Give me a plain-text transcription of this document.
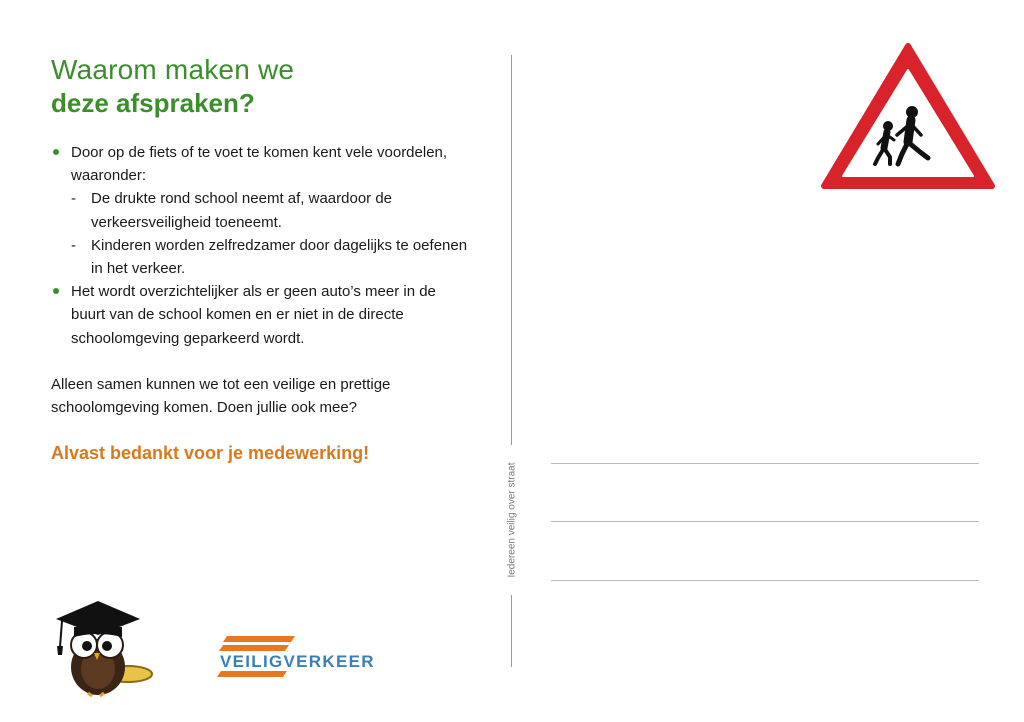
Waarom maken we
deze afspraken?
Door op de fiets of te voet te komen kent vele voordelen, waaronder:
- De drukte rond school neemt af, waardoor de verkeersveiligheid toeneemt.
- Kinderen worden zelfredzamer door dagelijks te oefenen in het verkeer.
Het wordt overzichtelijker als er geen auto’s meer in de buurt van de school komen en er niet in de directe schoolomgeving geparkeerd wordt.

Alleen samen kunnen we tot een veilige en prettige schoolomgeving komen. Doen jullie ook mee?

Alvast bedankt voor je medewerking!

Iedereen veilig over straat
VEILIGVERKEER
